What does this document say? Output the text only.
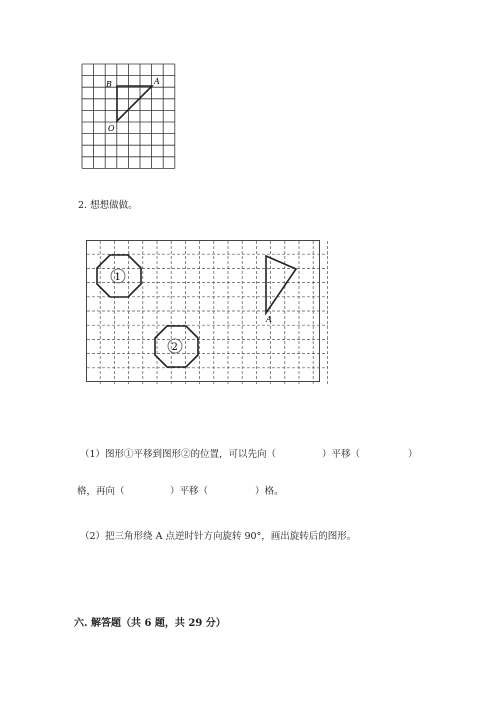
B	A
O
2. 想想做做。
1
2
A
（1）图形①平移到图形②的位置，可以先向（	）平移（	）
格，再向（	）平移（	）格。
（2）把三角形绕 A 点逆时针方向旋转 90°，画出旋转后的图形。
六. 解答题（共 6 题，共 29 分）
